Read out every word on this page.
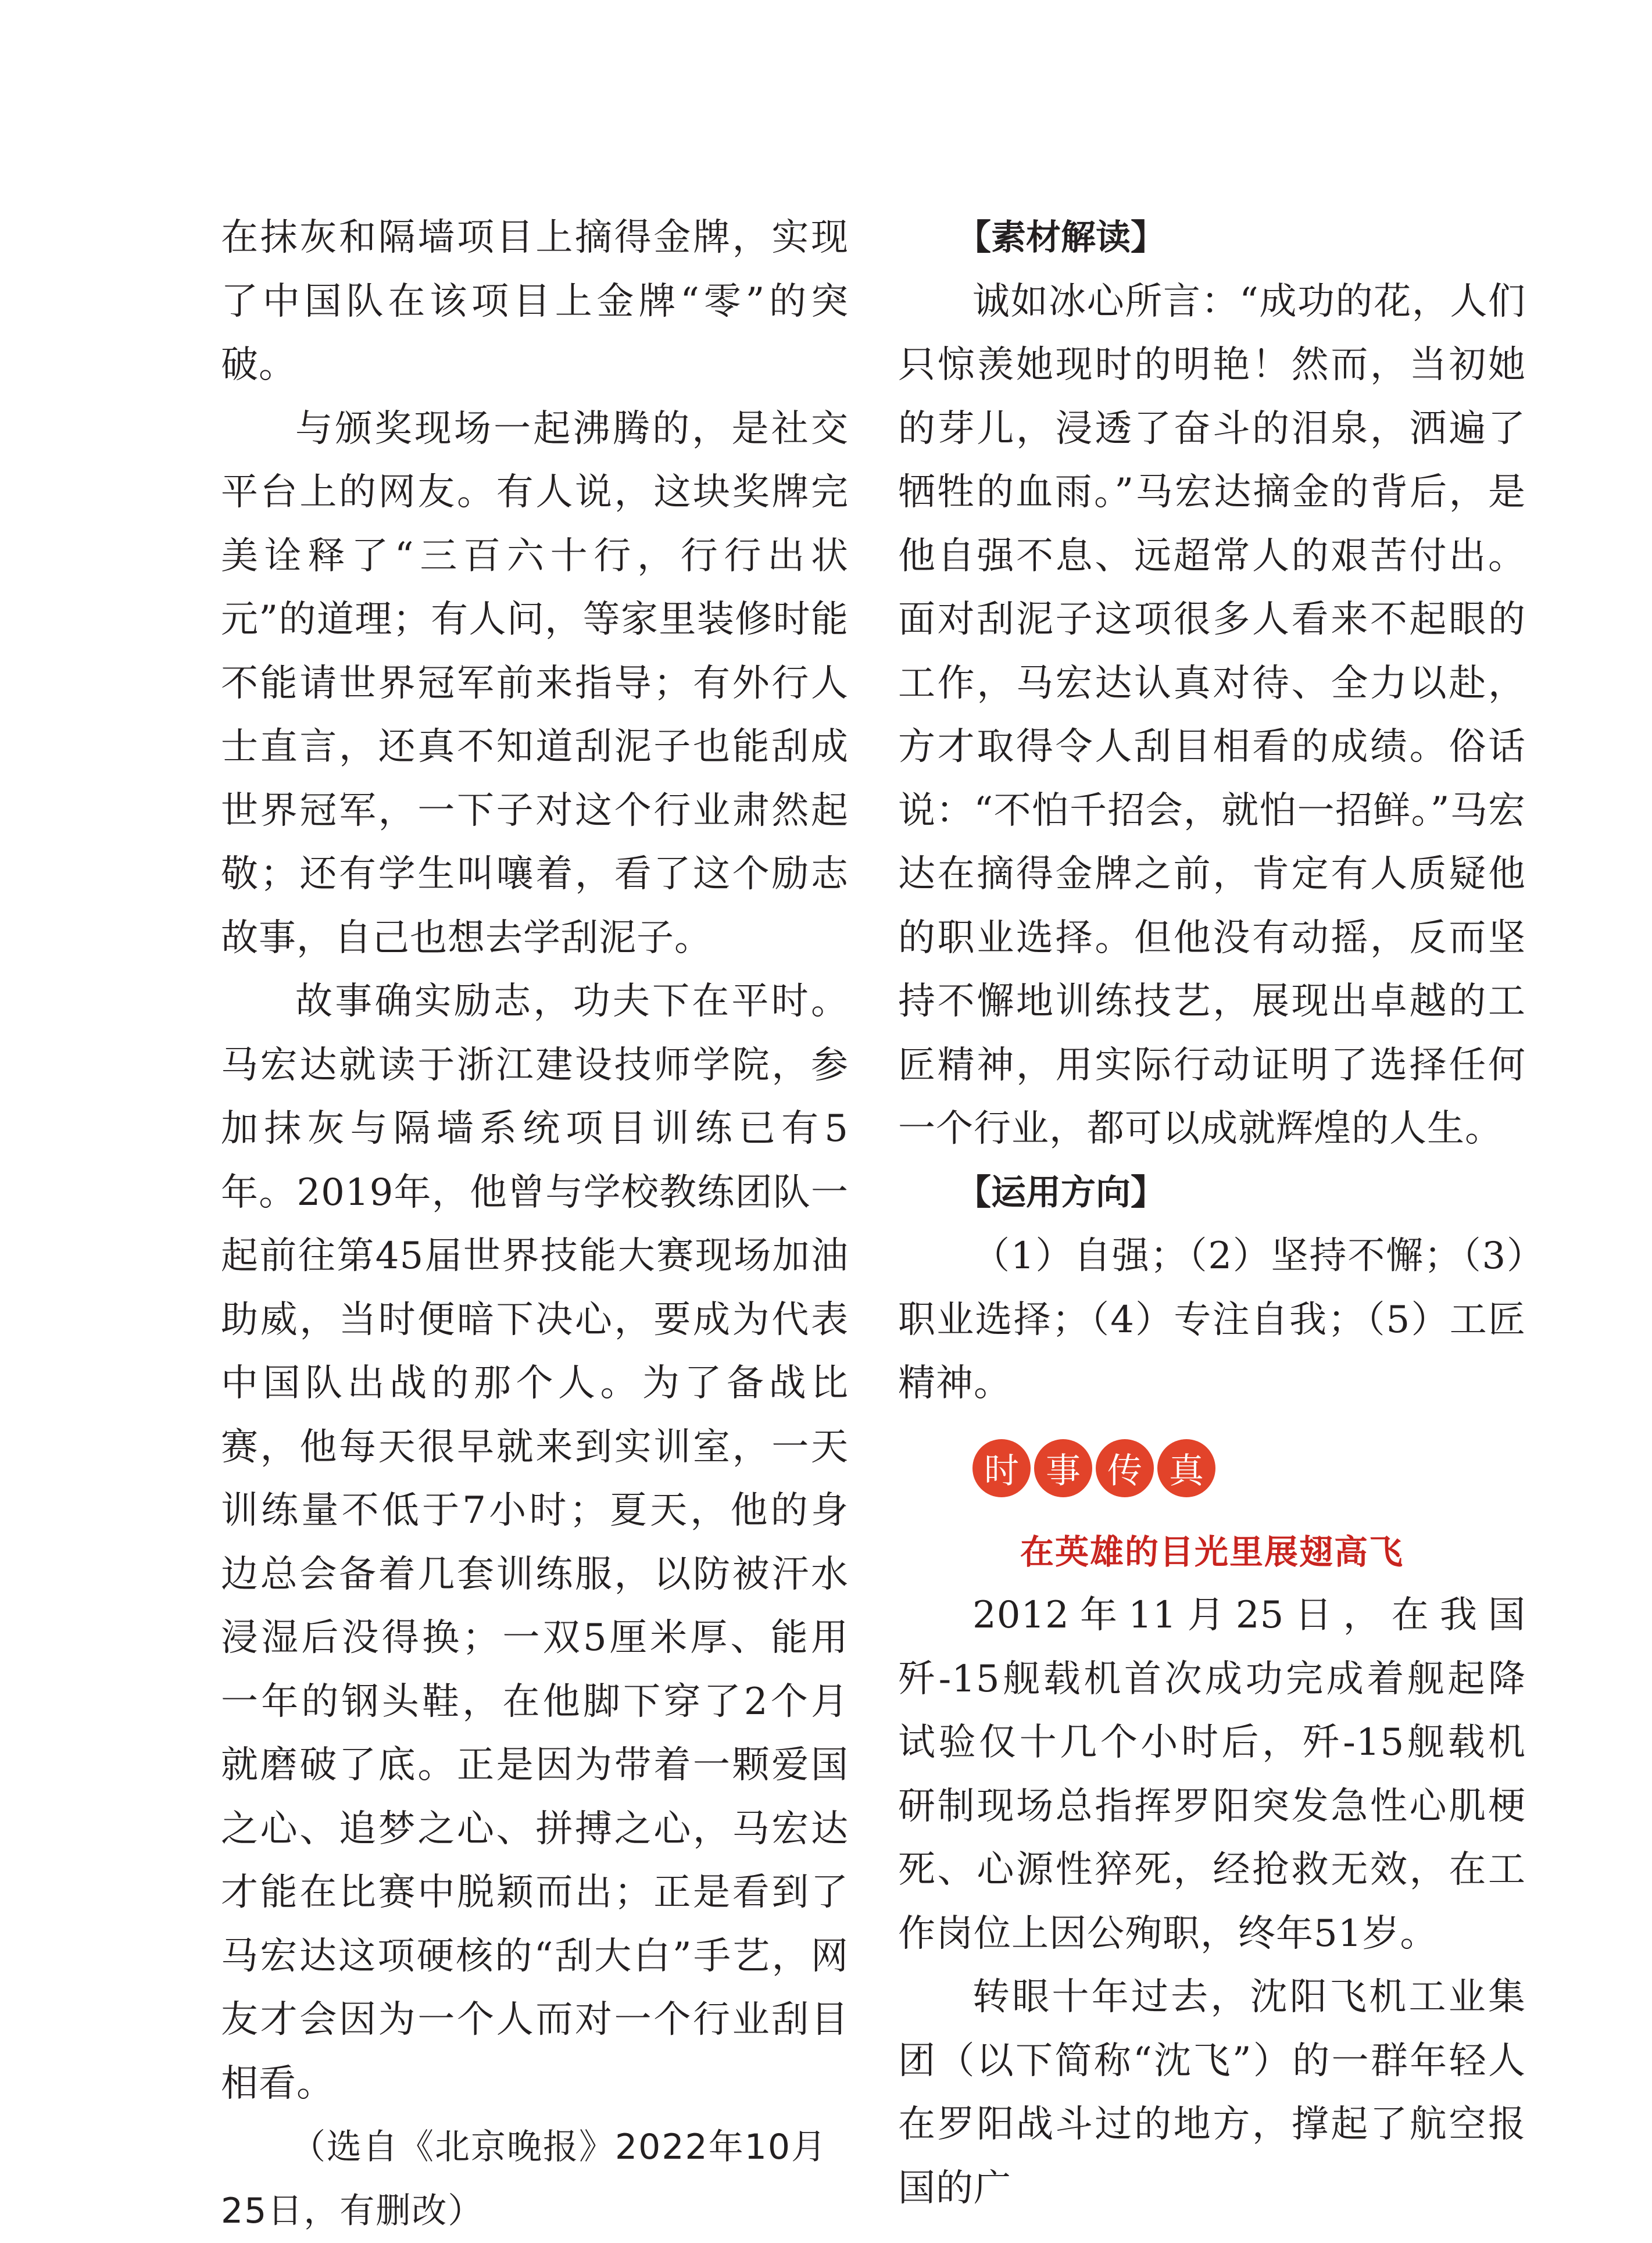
在抹灰和隔墙项目上摘得金牌，实现了中国队在该项目上金牌“零”的突破。

与颁奖现场一起沸腾的，是社交平台上的网友。有人说，这块奖牌完美诠释了“三百六十行，行行出状元”的道理；有人问，等家里装修时能不能请世界冠军前来指导；有外行人士直言，还真不知道刮泥子也能刮成世界冠军，一下子对这个行业肃然起敬；还有学生叫嚷着，看了这个励志故事，自己也想去学刮泥子。

故事确实励志，功夫下在平时。马宏达就读于浙江建设技师学院，参加抹灰与隔墙系统项目训练已有5年。2019年，他曾与学校教练团队一起前往第45届世界技能大赛现场加油助威，当时便暗下决心，要成为代表中国队出战的那个人。为了备战比赛，他每天很早就来到实训室，一天训练量不低于7小时；夏天，他的身边总会备着几套训练服，以防被汗水浸湿后没得换；一双5厘米厚、能用一年的钢头鞋，在他脚下穿了2个月就磨破了底。正是因为带着一颗爱国之心、追梦之心、拼搏之心，马宏达才能在比赛中脱颖而出；正是看到了马宏达这项硬核的“刮大白”手艺，网友才会因为一个人而对一个行业刮目相看。

（选自《北京晚报》2022年10月25日，有删改）

【素材解读】

诚如冰心所言：“成功的花，人们只惊羡她现时的明艳！然而，当初她的芽儿，浸透了奋斗的泪泉，洒遍了牺牲的血雨。”马宏达摘金的背后，是他自强不息、远超常人的艰苦付出。面对刮泥子这项很多人看来不起眼的工作，马宏达认真对待、全力以赴，方才取得令人刮目相看的成绩。俗话说：“不怕千招会，就怕一招鲜。”马宏达在摘得金牌之前，肯定有人质疑他的职业选择。但他没有动摇，反而坚持不懈地训练技艺，展现出卓越的工匠精神，用实际行动证明了选择任何一个行业，都可以成就辉煌的人生。

【运用方向】

（1）自强；（2）坚持不懈；（3）职业选择；（4）专注自我；（5）工匠精神。

时 事 传 真

在英雄的目光里展翅高飞

2012年11月25日，在我国歼-15舰载机首次成功完成着舰起降试验仅十几个小时后，歼-15舰载机研制现场总指挥罗阳突发急性心肌梗死、心源性猝死，经抢救无效，在工作岗位上因公殉职，终年51岁。

转眼十年过去，沈阳飞机工业集团（以下简称“沈飞”）的一群年轻人在罗阳战斗过的地方，撑起了航空报国的广
